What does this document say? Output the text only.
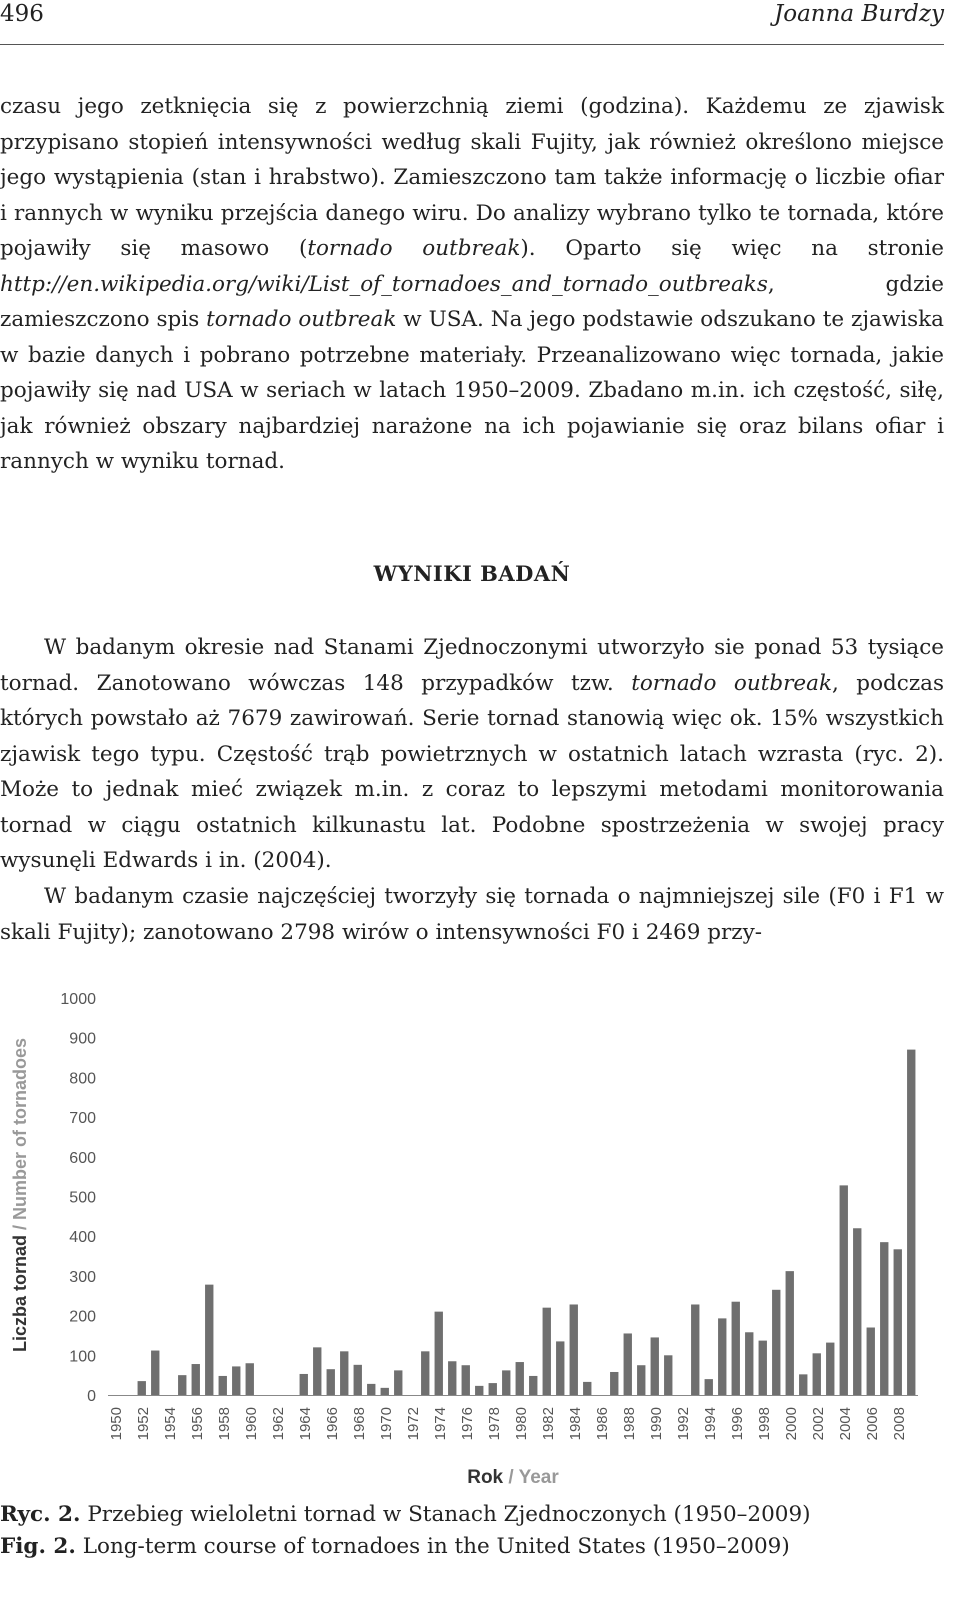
496	Joanna Burdzy
czasu jego zetknięcia się z powierzchnią ziemi (godzina). Każdemu ze zjawisk przypisano stopień intensywności według skali Fujity, jak również określono miejsce jego wystąpienia (stan i hrabstwo). Zamieszczono tam także informację o liczbie ofiar i rannych w wyniku przejścia danego wiru. Do analizy wybrano tylko te tornada, które pojawiły się masowo (tornado outbreak). Oparto się więc na stronie http://en.wikipedia.org/wiki/List_of_tornadoes_and_tornado_outbreaks, gdzie zamieszczono spis tornado outbreak w USA. Na jego podstawie odszukano te zjawiska w bazie danych i pobrano potrzebne materiały. Przeanalizowano więc tornada, jakie pojawiły się nad USA w seriach w latach 1950–2009. Zbadano m.in. ich częstość, siłę, jak również obszary najbardziej narażone na ich pojawianie się oraz bilans ofiar i rannych w wyniku tornad.
WYNIKI BADAŃ
W badanym okresie nad Stanami Zjednoczonymi utworzyło sie ponad 53 tysiące tornad. Zanotowano wówczas 148 przypadków tzw. tornado outbreak, podczas których powstało aż 7679 zawirowań. Serie tornad stanowią więc ok. 15% wszystkich zjawisk tego typu. Częstość trąb powietrznych w ostatnich latach wzrasta (ryc. 2). Może to jednak mieć związek m.in. z coraz to lepszymi metodami monitorowania tornad w ciągu ostatnich kilkunastu lat. Podobne spostrzeżenia w swojej pracy wysunęli Edwards i in. (2004).
W badanym czasie najczęściej tworzyły się tornada o najmniejszej sile (F0 i F1 w skali Fujity); zanotowano 2798 wirów o intensywności F0 i 2469 przy-
0
100
200
300
400
500
600
700
800
900
1000
1950 1952 1954 1956 1958 1960 1962 1964 1966 1968 1970 1972 1974 1976 1978 1980 1982 1984 1986 1988 1990 1992 1994 1996 1998 2000 2002 2004 2006 2008
Liczba tornad / Number of tornadoes
Rok / Year
Ryc. 2. Przebieg wieloletni tornad w Stanach Zjednoczonych (1950–2009)
Fig. 2. Long-term course of tornadoes in the United States (1950–2009)
